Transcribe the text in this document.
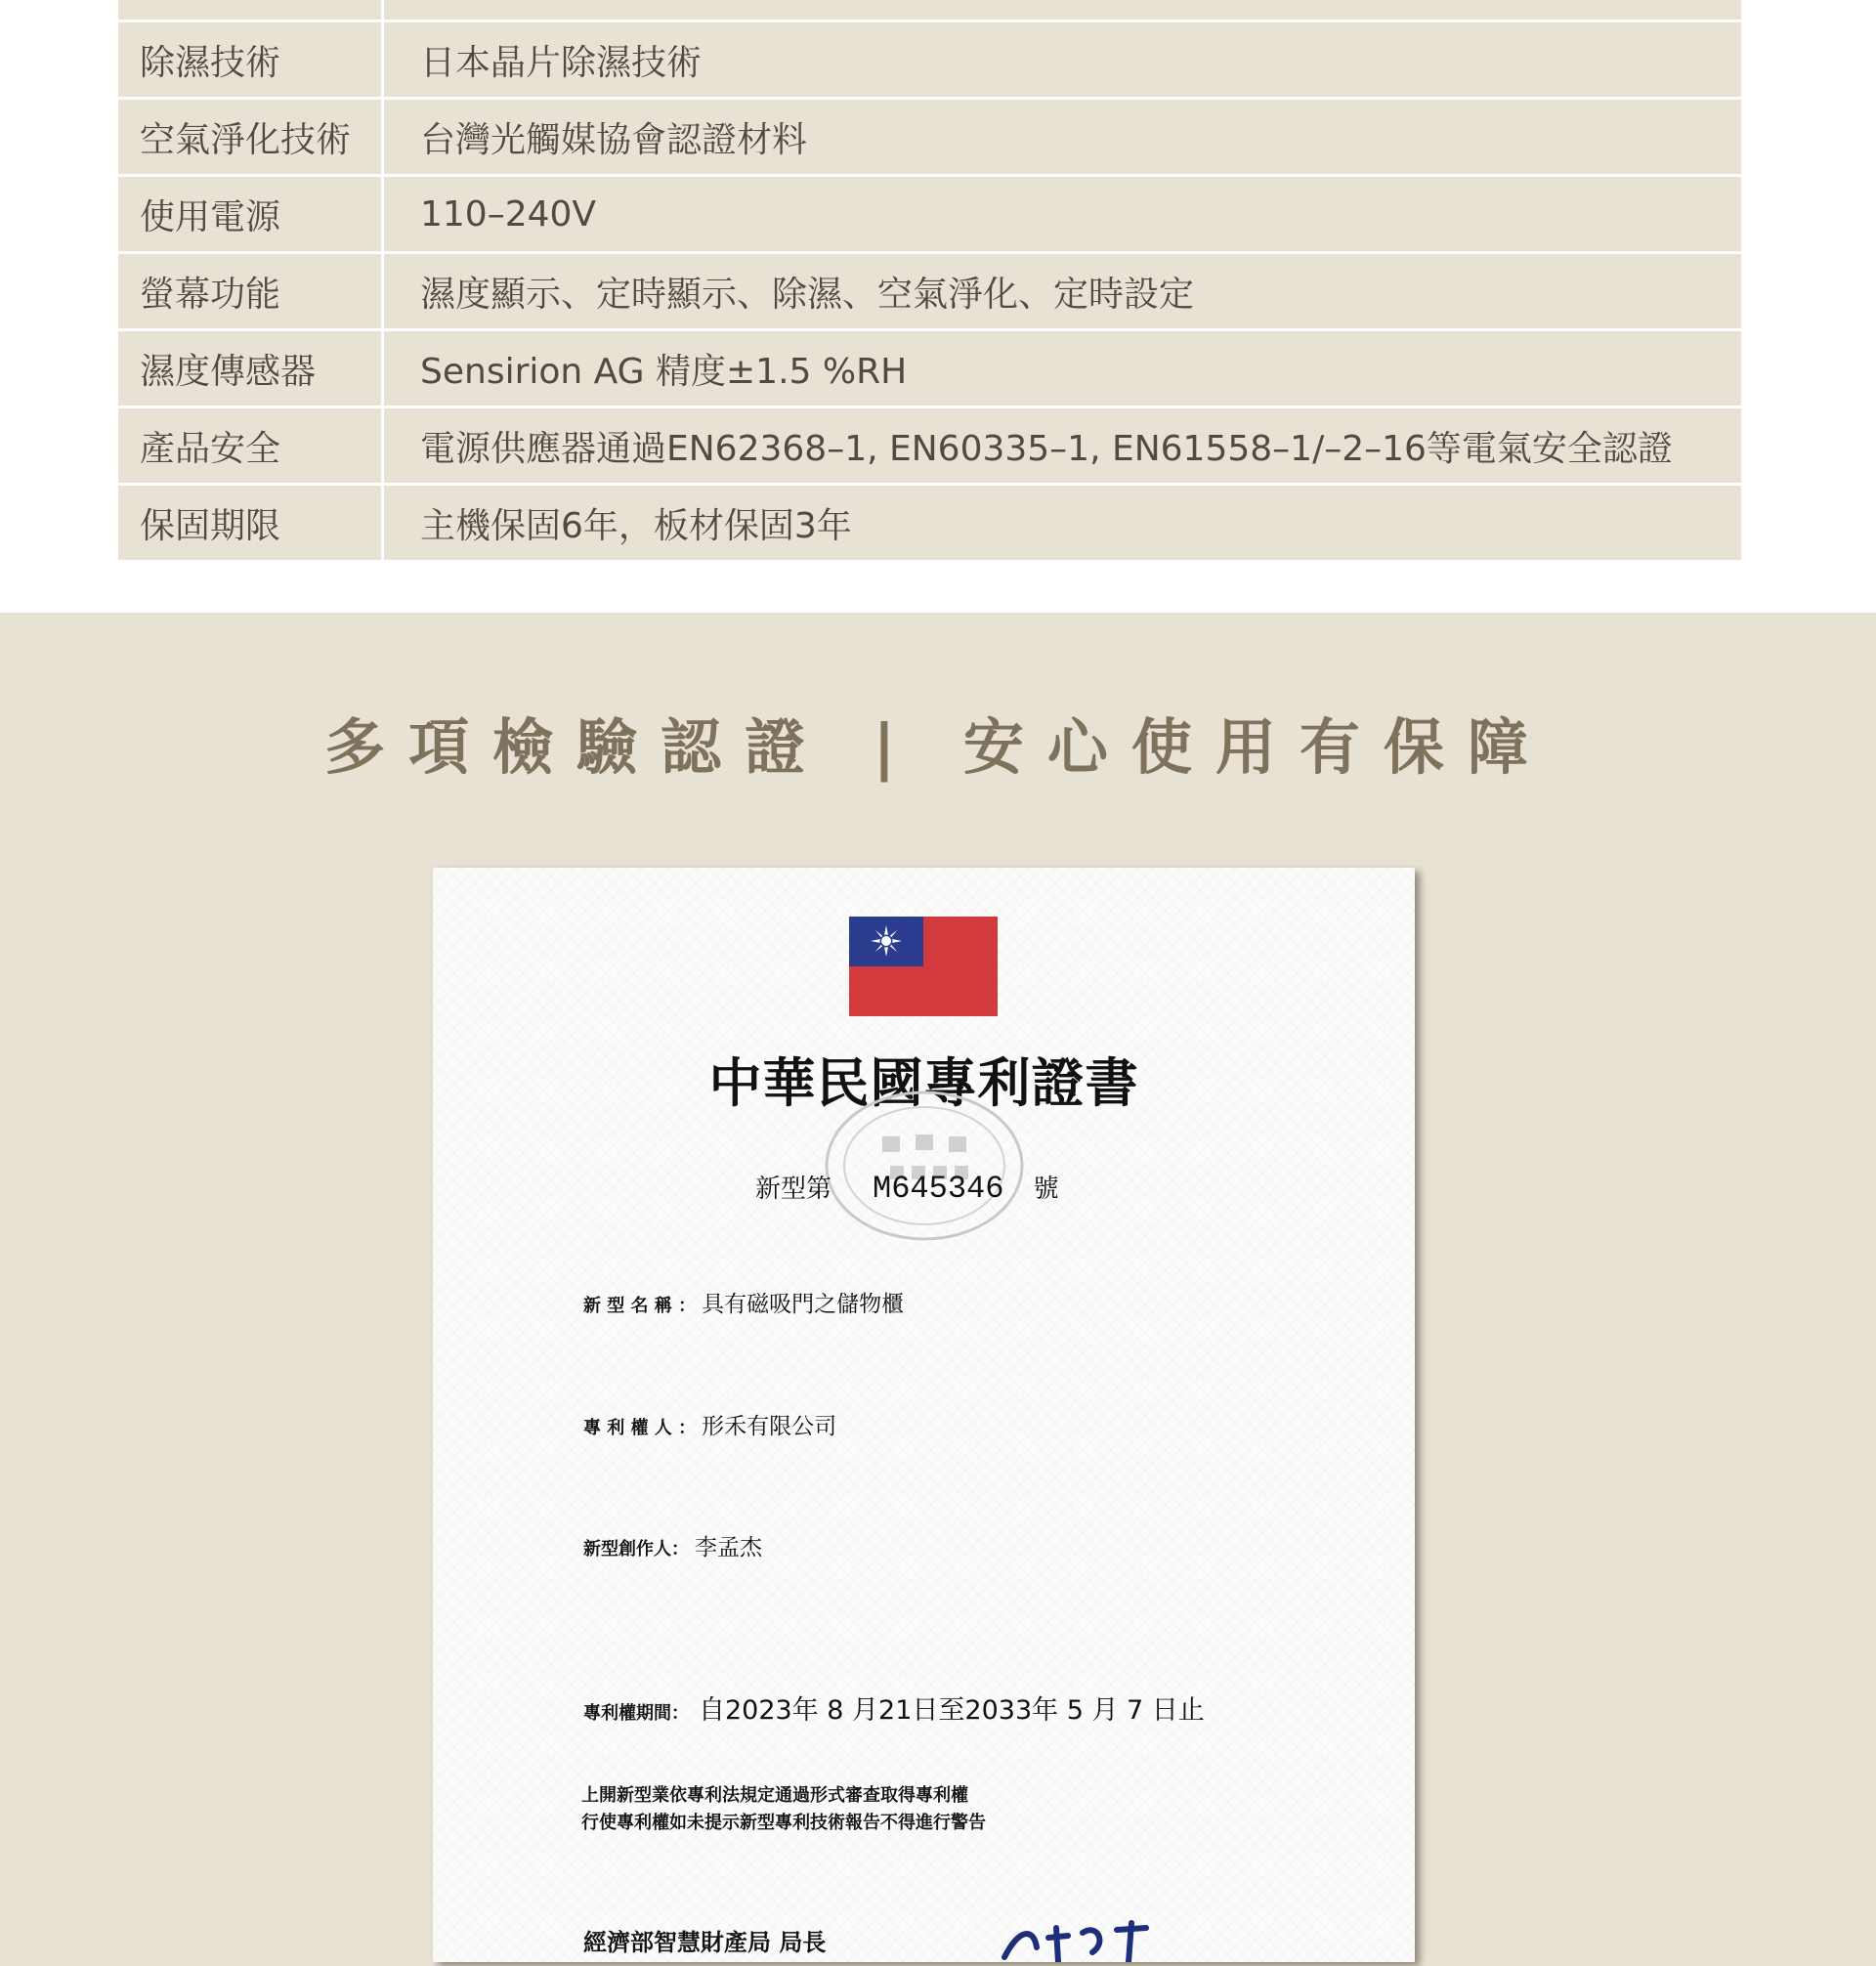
除濕技術	日本晶片除濕技術
空氣淨化技術	台灣光觸媒協會認證材料
使用電源	110–240V
螢幕功能	濕度顯示、定時顯示、除濕、空氣淨化、定時設定
濕度傳感器	Sensirion AG 精度±1.5 %RH
產品安全	電源供應器通過EN62368–1, EN60335–1, EN61558–1/–2–16等電氣安全認證
保固期限	主機保固6年，板材保固3年
多項檢驗認證 | 安心使用有保障
中華民國專利證書
新型第 M645346 號
新 型 名 稱 ： 具有磁吸門之儲物櫃
專 利 權 人 ： 形禾有限公司
新型創作人： 李孟杰
專利權期間： 自2023年 8 月21日至2033年 5 月 7 日止
上開新型業依專利法規定通過形式審查取得專利權
行使專利權如未提示新型專利技術報告不得進行警告
經濟部智慧財產局 局長
